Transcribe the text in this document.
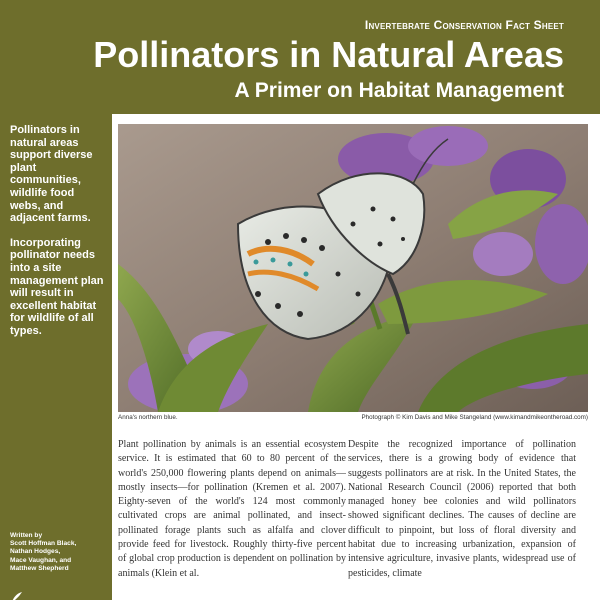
Invertebrate Conservation Fact Sheet
Pollinators in Natural Areas
A Primer on Habitat Management

Pollinators in natural areas support diverse plant communities, wildlife food webs, and adjacent farms.

Incorporating pollinator needs into a site management plan will result in excellent habitat for wildlife of all types.

Written by
Scott Hoffman Black,
Nathan Hodges,
Mace Vaughan, and
Matthew Shepherd
Anna's northern blue.	Photograph © Kim Davis and Mike Stangeland (www.kimandmikeontheroad.com)
Plant pollination by animals is an essential ecosystem service. It is estimated that 60 to 80 percent of the world's 250,000 flowering plants depend on animals—mostly insects—for pollination (Kremen et al. 2007). Eighty-seven of the world's 124 most commonly cultivated crops are animal pollinated, and insect-pollinated forage plants such as alfalfa and clover provide feed for livestock. Roughly thirty-five percent of global crop production is dependent on pollination by animals (Klein et al.
Despite the recognized importance of pollination services, there is a growing body of evidence that suggests pollinators are at risk. In the United States, the National Research Council (2006) reported that both managed honey bee colonies and wild pollinators showed significant declines. The causes of decline are difficult to pinpoint, but loss of floral diversity and habitat due to increasing urbanization, expansion of intensive agriculture, invasive plants, widespread use of pesticides, climate
